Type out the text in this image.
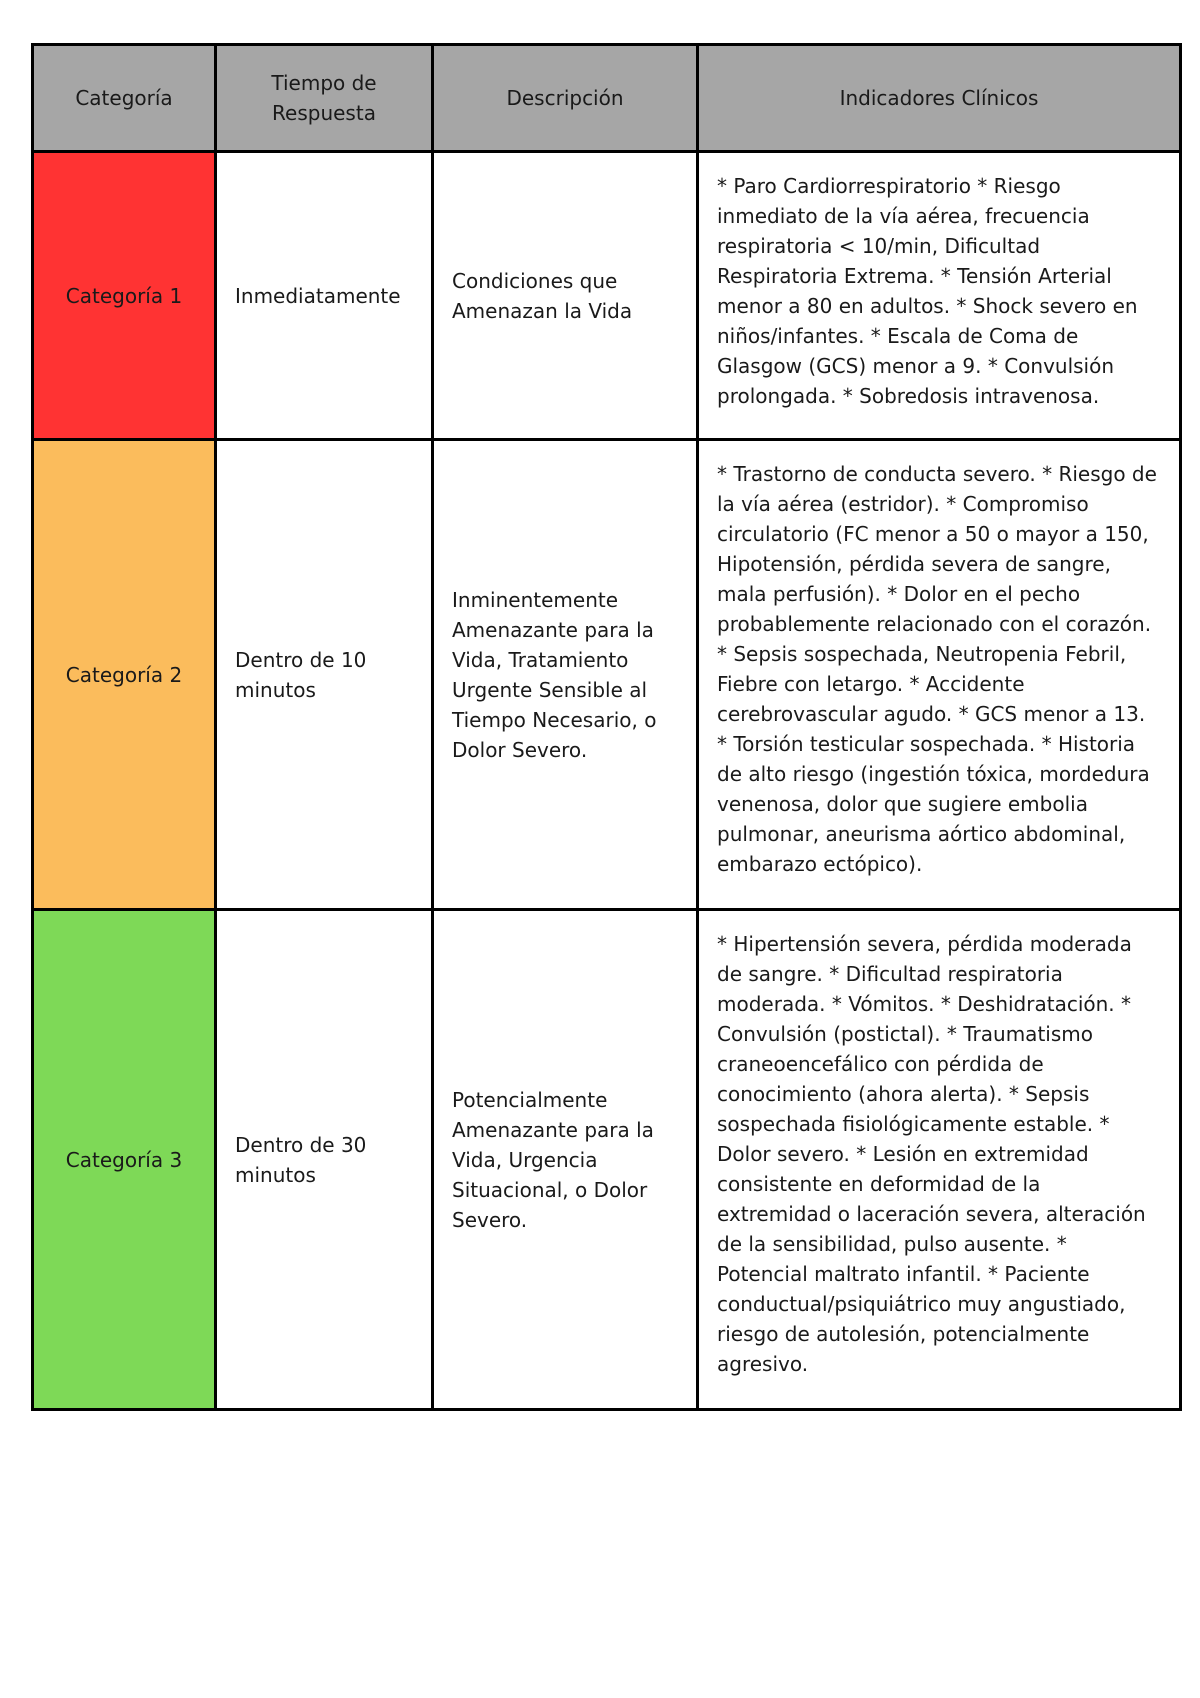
Categoría	Tiempo de Respuesta	Descripción	Indicadores Clínicos
Categoría 1	Inmediatamente	Condiciones que Amenazan la Vida	* Paro Cardiorrespiratorio * Riesgo inmediato de la vía aérea, frecuencia respiratoria < 10/min, Dificultad Respiratoria Extrema. * Tensión Arterial menor a 80 en adultos. * Shock severo en niños/infantes. * Escala de Coma de Glasgow (GCS) menor a 9. * Convulsión prolongada. * Sobredosis intravenosa.
Categoría 2	Dentro de 10 minutos	Inminentemente Amenazante para la Vida, Tratamiento Urgente Sensible al Tiempo Necesario, o Dolor Severo.	* Trastorno de conducta severo. * Riesgo de la vía aérea (estridor). * Compromiso circulatorio (FC menor a 50 o mayor a 150, Hipotensión, pérdida severa de sangre, mala perfusión). * Dolor en el pecho probablemente relacionado con el corazón. * Sepsis sospechada, Neutropenia Febril, Fiebre con letargo. * Accidente cerebrovascular agudo. * GCS menor a 13. * Torsión testicular sospechada. * Historia de alto riesgo (ingestión tóxica, mordedura venenosa, dolor que sugiere embolia pulmonar, aneurisma aórtico abdominal, embarazo ectópico).
Categoría 3	Dentro de 30 minutos	Potencialmente Amenazante para la Vida, Urgencia Situacional, o Dolor Severo.	* Hipertensión severa, pérdida moderada de sangre. * Dificultad respiratoria moderada. * Vómitos. * Deshidratación. * Convulsión (postictal). * Traumatismo craneoencefálico con pérdida de conocimiento (ahora alerta). * Sepsis sospechada fisiológicamente estable. * Dolor severo. * Lesión en extremidad consistente en deformidad de la extremidad o laceración severa, alteración de la sensibilidad, pulso ausente. * Potencial maltrato infantil. * Paciente conductual/psiquiátrico muy angustiado, riesgo de autolesión, potencialmente agresivo.
